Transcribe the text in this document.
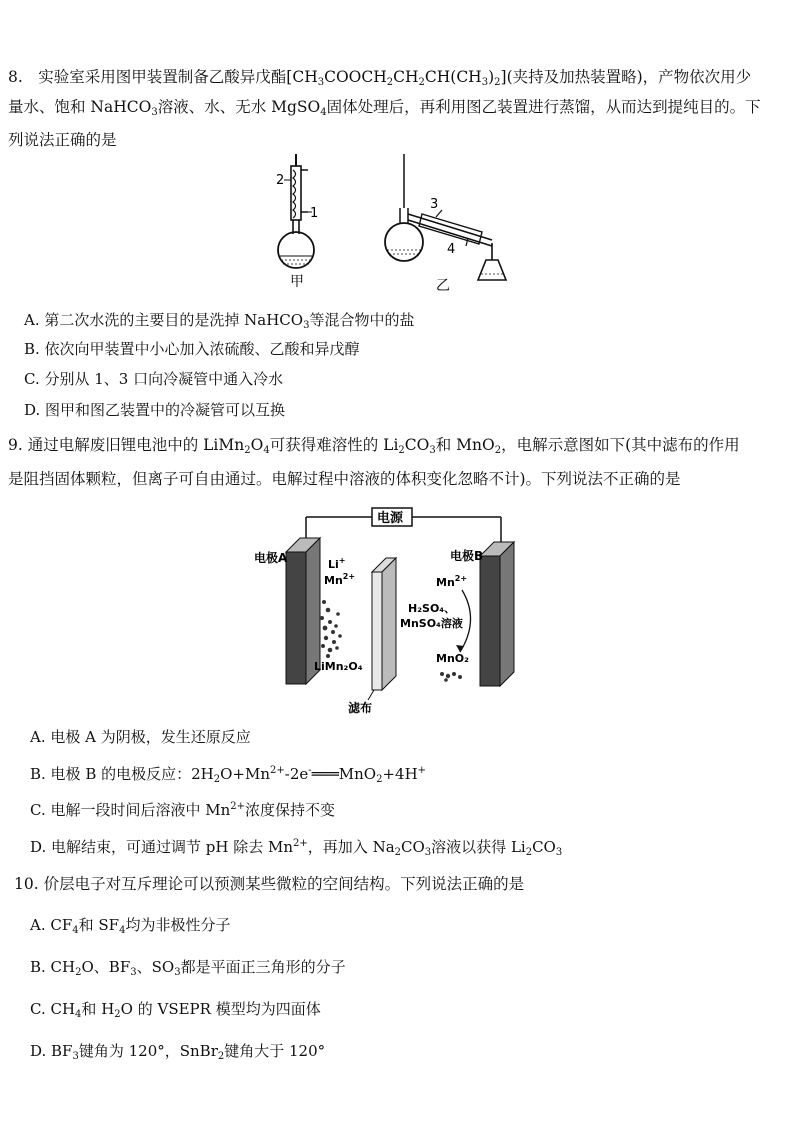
8.　实验室采用图甲装置制备乙酸异戊酯$[CH_3COOCH_2CH_2CH(CH_3)_2]$(夹持及加热装置略)，产物依次用少
量水、饱和 NaHCO$_3$溶液、水、无水 MgSO$_4$固体处理后，再利用图乙装置进行蒸馏，从而达到提纯目的。下
列说法正确的是
甲
2
1
3
4
乙
A. 第二次水洗的主要目的是洗掉 NaHCO$_3$等混合物中的盐
B. 依次向甲装置中小心加入浓硫酸、乙酸和异戊醇
C. 分别从 1、3 口向冷凝管中通入冷水
D. 图甲和图乙装置中的冷凝管可以互换
9. 通过电解废旧锂电池中的 $LiMn_2O_4$可获得难溶性的 $Li_2CO_3$和 MnO$_2$，电解示意图如下(其中滤布的作用
是阻挡固体颗粒，但离子可自由通过。电解过程中溶液的体积变化忽略不计)。下列说法不正确的是
电源
电极A	Li+
$Mn^{2+}$
LiMn₂O₄
滤布
H₂SO₄、
MnSO₄溶液
电极B
$Mn^{2+}$
MnO₂
A. 电极 A 为阴极，发生还原反应
B. 电极 B 的电极反应：$2H_2O+Mn^{2+}-2e^-═══MnO_2+4H^+$
C. 电解一段时间后溶液中 $Mn^{2+}$浓度保持不变
D. 电解结束，可通过调节 pH 除去 $Mn^{2+}$，再加入 $Na_2CO_3$溶液以获得 $Li_2CO_3$
10. 价层电子对互斥理论可以预测某些微粒的空间结构。下列说法正确的是
A. $CF_4$和 $SF_4$均为非极性分子
B. $CH_2O$、$BF_3$、$SO_3$都是平面正三角形的分子
C. $CH_4$和 $H_2O$ 的 VSEPR 模型均为四面体
D. $BF_3$键角为 120°，SnBr$_2$键角大于 120°
